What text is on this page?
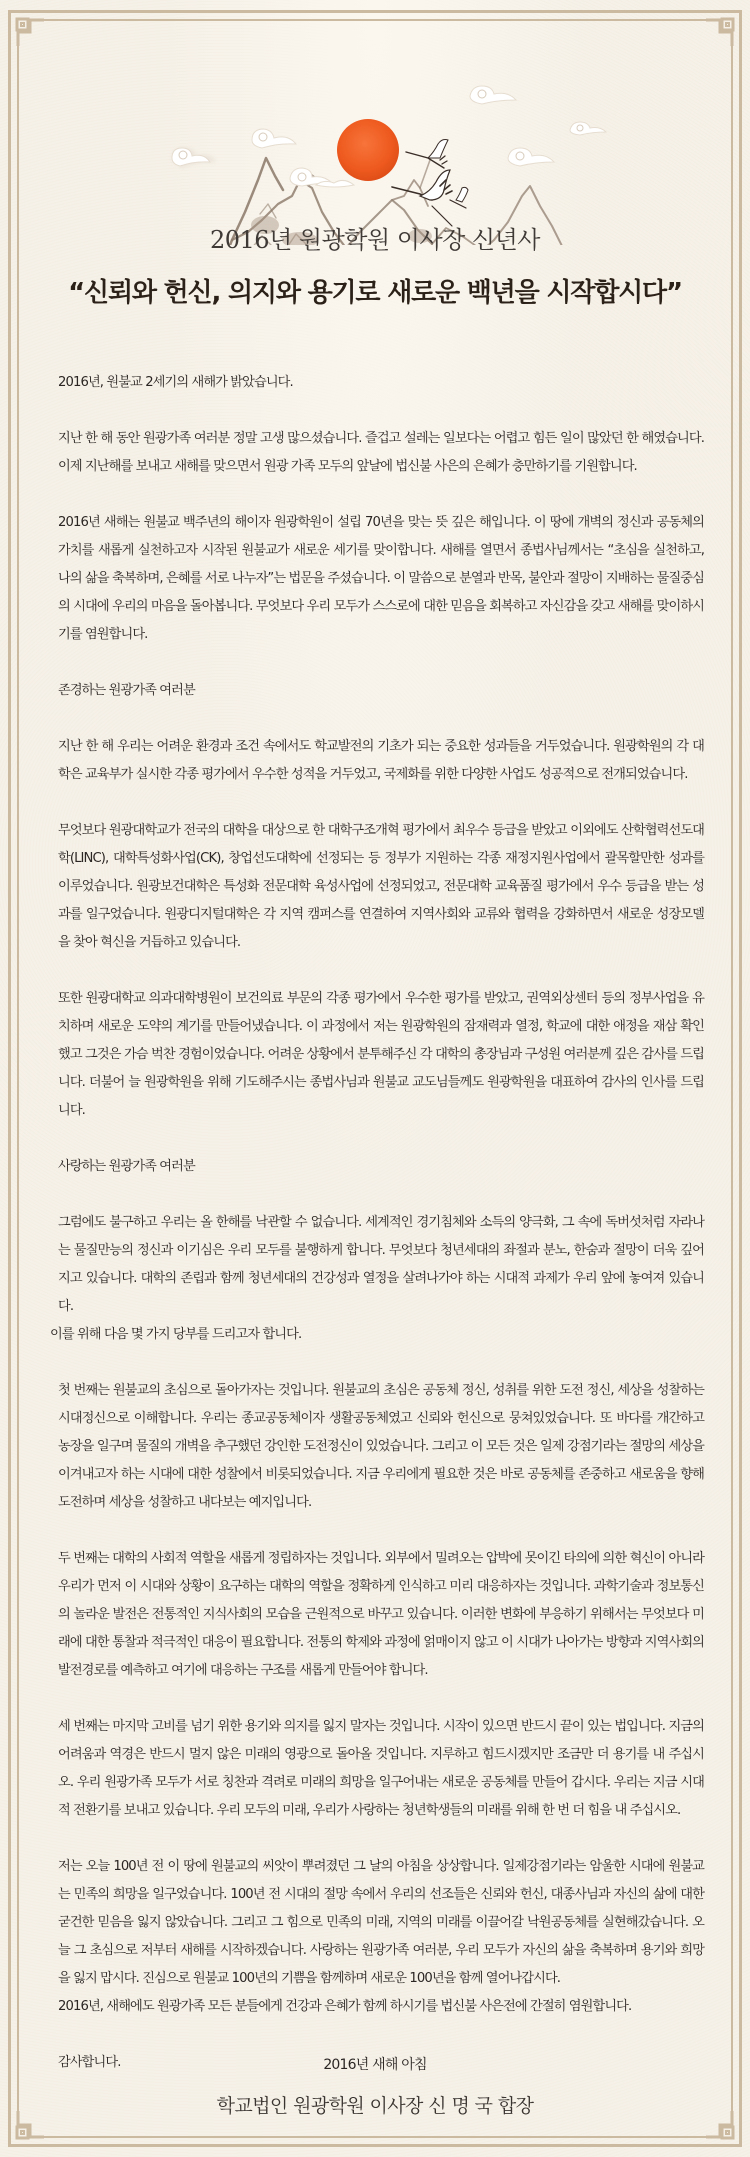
2016년 원광학원 이사장 신년사
“신뢰와 헌신, 의지와 용기로 새로운 백년을 시작합시다”

2016년, 원불교 2세기의 새해가 밝았습니다.

지난 한 해 동안 원광가족 여러분 정말 고생 많으셨습니다. 즐겁고 설레는 일보다는 어렵고 힘든 일이 많았던 한 해였습니다. 이제 지난해를 보내고 새해를 맞으면서 원광 가족 모두의 앞날에 법신불 사은의 은혜가 충만하기를 기원합니다.

2016년 새해는 원불교 백주년의 해이자 원광학원이 설립 70년을 맞는 뜻 깊은 해입니다. 이 땅에 개벽의 정신과 공동체의 가치를 새롭게 실천하고자 시작된 원불교가 새로운 세기를 맞이합니다. 새해를 열면서 종법사님께서는 “초심을 실천하고, 나의 삶을 축복하며, 은혜를 서로 나누자”는 법문을 주셨습니다. 이 말씀으로 분열과 반목, 불안과 절망이 지배하는 물질중심의 시대에 우리의 마음을 돌아봅니다. 무엇보다 우리 모두가 스스로에 대한 믿음을 회복하고 자신감을 갖고 새해를 맞이하시기를 염원합니다.

존경하는 원광가족 여러분

지난 한 해 우리는 어려운 환경과 조건 속에서도 학교발전의 기초가 되는 중요한 성과들을 거두었습니다. 원광학원의 각 대학은 교육부가 실시한 각종 평가에서 우수한 성적을 거두었고, 국제화를 위한 다양한 사업도 성공적으로 전개되었습니다.

무엇보다 원광대학교가 전국의 대학을 대상으로 한 대학구조개혁 평가에서 최우수 등급을 받았고 이외에도 산학협력선도대학(LINC), 대학특성화사업(CK), 창업선도대학에 선정되는 등 정부가 지원하는 각종 재정지원사업에서 괄목할만한 성과를 이루었습니다. 원광보건대학은 특성화 전문대학 육성사업에 선정되었고, 전문대학 교육품질 평가에서 우수 등급을 받는 성과를 일구었습니다. 원광디지털대학은 각 지역 캠퍼스를 연결하여 지역사회와 교류와 협력을 강화하면서 새로운 성장모델을 찾아 혁신을 거듭하고 있습니다.

또한 원광대학교 의과대학병원이 보건의료 부문의 각종 평가에서 우수한 평가를 받았고, 권역외상센터 등의 정부사업을 유치하며 새로운 도약의 계기를 만들어냈습니다. 이 과정에서 저는 원광학원의 잠재력과 열정, 학교에 대한 애정을 재삼 확인했고 그것은 가슴 벅찬 경험이었습니다. 어려운 상황에서 분투해주신 각 대학의 총장님과 구성원 여러분께 깊은 감사를 드립니다. 더불어 늘 원광학원을 위해 기도해주시는 종법사님과 원불교 교도님들께도 원광학원을 대표하여 감사의 인사를 드립니다.

사랑하는 원광가족 여러분

그럼에도 불구하고 우리는 올 한해를 낙관할 수 없습니다. 세계적인 경기침체와 소득의 양극화, 그 속에 독버섯처럼 자라나는 물질만능의 정신과 이기심은 우리 모두를 불행하게 합니다. 무엇보다 청년세대의 좌절과 분노, 한숨과 절망이 더욱 깊어지고 있습니다. 대학의 존립과 함께 청년세대의 건강성과 열정을 살려나가야 하는 시대적 과제가 우리 앞에 놓여져 있습니다.

이를 위해 다음 몇 가지 당부를 드리고자 합니다.

첫 번째는 원불교의 초심으로 돌아가자는 것입니다. 원불교의 초심은 공동체 정신, 성취를 위한 도전 정신, 세상을 성찰하는 시대정신으로 이해합니다. 우리는 종교공동체이자 생활공동체였고 신뢰와 헌신으로 뭉쳐있었습니다. 또 바다를 개간하고 농장을 일구며 물질의 개벽을 추구했던 강인한 도전정신이 있었습니다. 그리고 이 모든 것은 일제 강점기라는 절망의 세상을 이겨내고자 하는 시대에 대한 성찰에서 비롯되었습니다. 지금 우리에게 필요한 것은 바로 공동체를 존중하고 새로움을 향해 도전하며 세상을 성찰하고 내다보는 예지입니다.

두 번째는 대학의 사회적 역할을 새롭게 정립하자는 것입니다. 외부에서 밀려오는 압박에 못이긴 타의에 의한 혁신이 아니라 우리가 먼저 이 시대와 상황이 요구하는 대학의 역할을 정확하게 인식하고 미리 대응하자는 것입니다. 과학기술과 정보통신의 놀라운 발전은 전통적인 지식사회의 모습을 근원적으로 바꾸고 있습니다. 이러한 변화에 부응하기 위해서는 무엇보다 미래에 대한 통찰과 적극적인 대응이 필요합니다. 전통의 학제와 과정에 얽매이지 않고 이 시대가 나아가는 방향과 지역사회의 발전경로를 예측하고 여기에 대응하는 구조를 새롭게 만들어야 합니다.

세 번째는 마지막 고비를 넘기 위한 용기와 의지를 잃지 말자는 것입니다. 시작이 있으면 반드시 끝이 있는 법입니다. 지금의 어려움과 역경은 반드시 멀지 않은 미래의 영광으로 돌아올 것입니다. 지루하고 힘드시겠지만 조금만 더 용기를 내 주십시오. 우리 원광가족 모두가 서로 칭찬과 격려로 미래의 희망을 일구어내는 새로운 공동체를 만들어 갑시다. 우리는 지금 시대적 전환기를 보내고 있습니다. 우리 모두의 미래, 우리가 사랑하는 청년학생들의 미래를 위해 한 번 더 힘을 내 주십시오.

저는 오늘 100년 전 이 땅에 원불교의 씨앗이 뿌려졌던 그 날의 아침을 상상합니다. 일제강점기라는 암울한 시대에 원불교는 민족의 희망을 일구었습니다. 100년 전 시대의 절망 속에서 우리의 선조들은 신뢰와 헌신, 대종사님과 자신의 삶에 대한 굳건한 믿음을 잃지 않았습니다. 그리고 그 힘으로 민족의 미래, 지역의 미래를 이끌어갈 낙원공동체를 실현해갔습니다. 오늘 그 초심으로 저부터 새해를 시작하겠습니다. 사랑하는 원광가족 여러분, 우리 모두가 자신의 삶을 축복하며 용기와 희망을 잃지 맙시다. 진심으로 원불교 100년의 기쁨을 함께하며 새로운 100년을 함께 열어나갑시다.

2016년, 새해에도 원광가족 모든 분들에게 건강과 은혜가 함께 하시기를 법신불 사은전에 간절히 염원합니다.

감사합니다.	2016년 새해 아침
학교법인 원광학원 이사장 신 명 국 합장
